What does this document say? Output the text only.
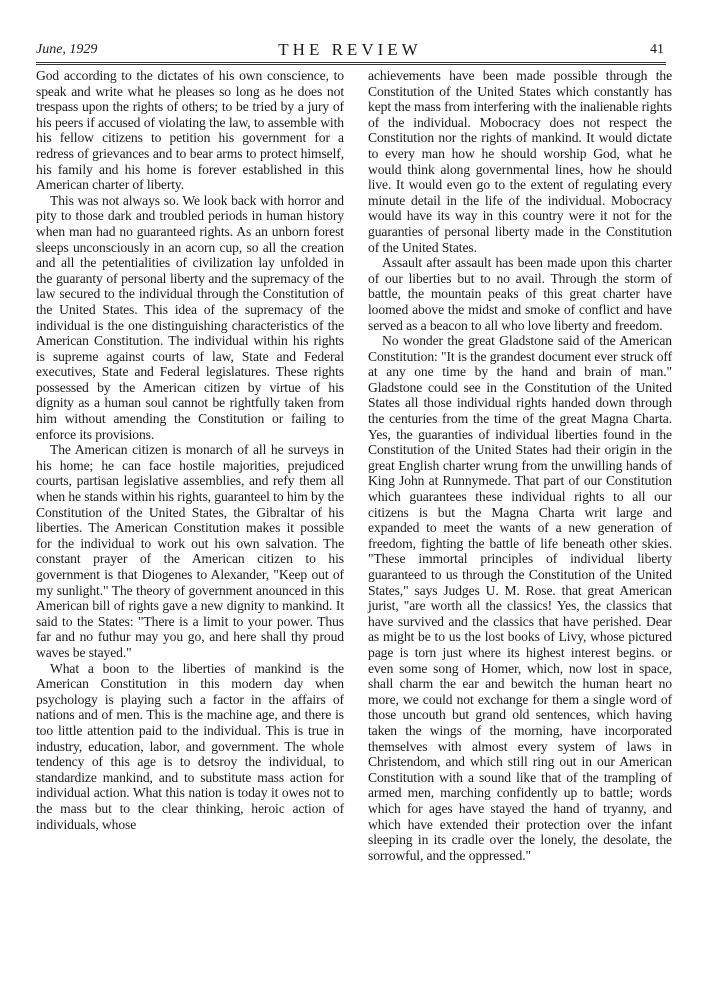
June, 1929	THE REVIEW	41

God according to the dictates of his own conscience, to speak and write what he pleases so long as he does not trespass upon the rights of others; to be tried by a jury of his peers if accused of violating the law, to assemble with his fellow citizens to petition his government for a redress of grievances and to bear arms to protect himself, his family and his home is forever established in this American charter of liberty.

This was not always so. We look back with horror and pity to those dark and troubled periods in human history when man had no guaranteed rights. As an unborn forest sleeps unconsciously in an acorn cup, so all the creation and all the petentialities of civilization lay unfolded in the guaranty of personal liberty and the supremacy of the law secured to the individual through the Constitution of the United States. This idea of the supremacy of the individual is the one distinguishing characteristics of the American Constitution. The individual within his rights is supreme against courts of law, State and Federal executives, State and Federal legislatures. These rights possessed by the American citizen by virtue of his dignity as a human soul cannot be rightfully taken from him without amending the Constitution or failing to enforce its provisions.

The American citizen is monarch of all he surveys in his home; he can face hostile majorities, prejudiced courts, partisan legislative assemblies, and refy them all when he stands within his rights, guaranteel to him by the Constitution of the United States, the Gibraltar of his liberties. The American Constitution makes it possible for the individual to work out his own salvation. The constant prayer of the American citizen to his government is that Diogenes to Alexander, "Keep out of my sunlight." The theory of government anounced in this American bill of rights gave a new dignity to mankind. It said to the States: "There is a limit to your power. Thus far and no futhur may you go, and here shall thy proud waves be stayed."

What a boon to the liberties of mankind is the American Constitution in this modern day when psychology is playing such a factor in the affairs of nations and of men. This is the machine age, and there is too little attention paid to the individual. This is true in industry, education, labor, and government. The whole tendency of this age is to detsroy the individual, to standardize mankind, and to substitute mass action for individual action. What this nation is today it owes not to the mass but to the clear thinking, heroic action of individuals, whose

achievements have been made possible through the Constitution of the United States which constantly has kept the mass from interfering with the inalienable rights of the individual. Mobocracy does not respect the Constitution nor the rights of mankind. It would dictate to every man how he should worship God, what he would think along governmental lines, how he should live. It would even go to the extent of regulating every minute detail in the life of the individual. Mobocracy would have its way in this country were it not for the guaranties of personal liberty made in the Constitution of the United States.

Assault after assault has been made upon this charter of our liberties but to no avail. Through the storm of battle, the mountain peaks of this great charter have loomed above the midst and smoke of conflict and have served as a beacon to all who love liberty and freedom.

No wonder the great Gladstone said of the American Constitution: "It is the grandest document ever struck off at any one time by the hand and brain of man." Gladstone could see in the Constitution of the United States all those individual rights handed down through the centuries from the time of the great Magna Charta. Yes, the guaranties of individual liberties found in the Constitution of the United States had their origin in the great English charter wrung from the unwilling hands of King John at Runnymede. That part of our Constitution which guarantees these individual rights to all our citizens is but the Magna Charta writ large and expanded to meet the wants of a new generation of freedom, fighting the battle of life beneath other skies. "These immortal principles of individual liberty guaranteed to us through the Constitution of the United States," says Judges U. M. Rose. that great American jurist, "are worth all the classics! Yes, the classics that have survived and the classics that have perished. Dear as might be to us the lost books of Livy, whose pictured page is torn just where its highest interest begins. or even some song of Homer, which, now lost in space, shall charm the ear and bewitch the human heart no more, we could not exchange for them a single word of those uncouth but grand old sentences, which having taken the wings of the morning, have incorporated themselves with almost every system of laws in Christendom, and which still ring out in our American Constitution with a sound like that of the trampling of armed men, marching confidently up to battle; words which for ages have stayed the hand of tryanny, and which have extended their protection over the infant sleeping in its cradle over the lonely, the desolate, the sorrowful, and the oppressed."
